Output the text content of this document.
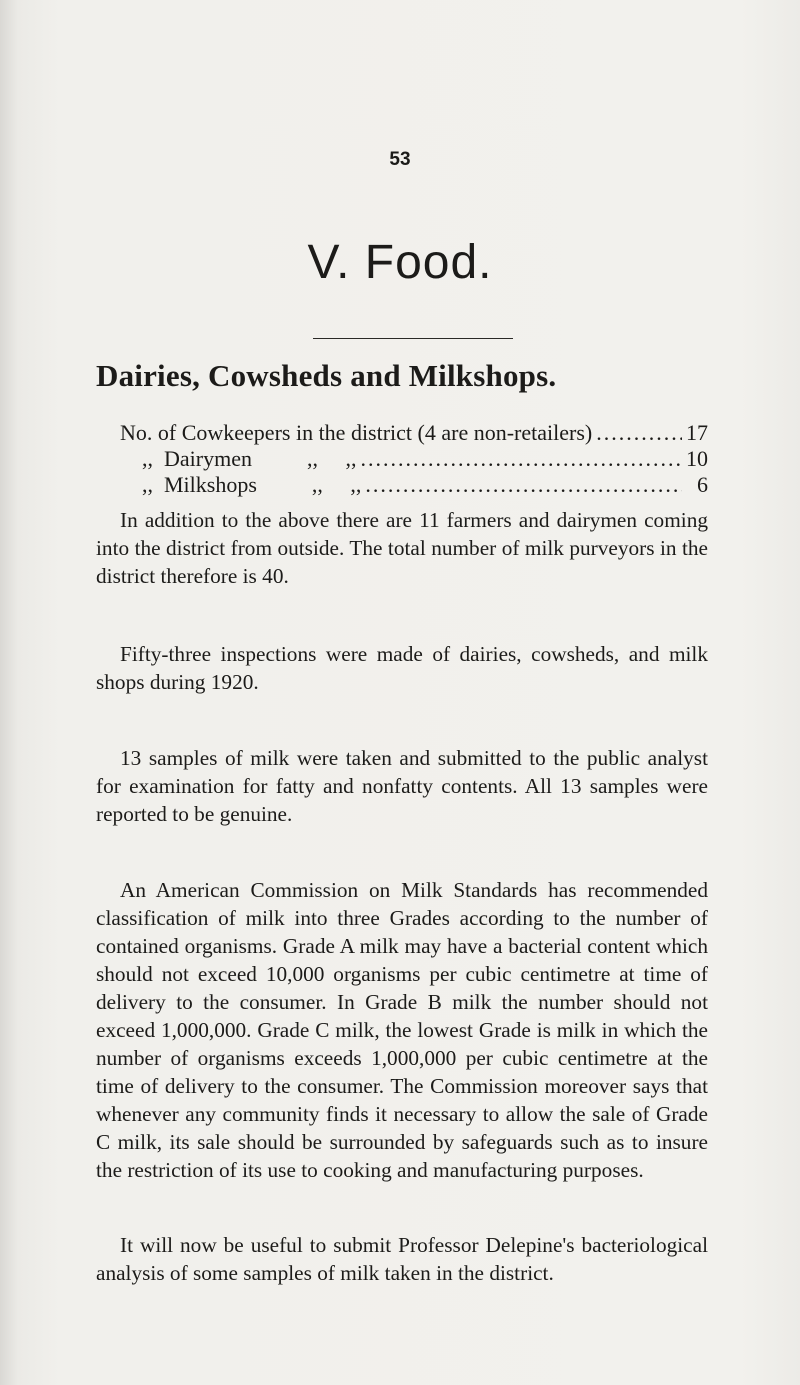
53
V. Food.
Dairies, Cowsheds and Milkshops.
No. of Cowkeepers in the district (4 are non-retailers) .....	17
,,  Dairymen          ,,     ,, .....	10
,,  Milkshops          ,,     ,, .....	6

In addition to the above there are 11 farmers and dairymen coming into the district from outside. The total number of milk purveyors in the district therefore is 40.

Fifty-three inspections were made of dairies, cowsheds, and milk shops during 1920.

13 samples of milk were taken and submitted to the public analyst for examination for fatty and nonfatty contents. All 13 samples were reported to be genuine.

An American Commission on Milk Standards has recommended classification of milk into three Grades according to the number of contained organisms. Grade A milk may have a bacterial content which should not exceed 10,000 organisms per cubic centimetre at time of delivery to the consumer. In Grade B milk the number should not exceed 1,000,000. Grade C milk, the lowest Grade is milk in which the number of organisms exceeds 1,000,000 per cubic centimetre at the time of delivery to the consumer. The Commission moreover says that whenever any community finds it necessary to allow the sale of Grade C milk, its sale should be surrounded by safeguards such as to insure the restriction of its use to cooking and manufacturing purposes.

It will now be useful to submit Professor Delepine's bacteriological analysis of some samples of milk taken in the district.
